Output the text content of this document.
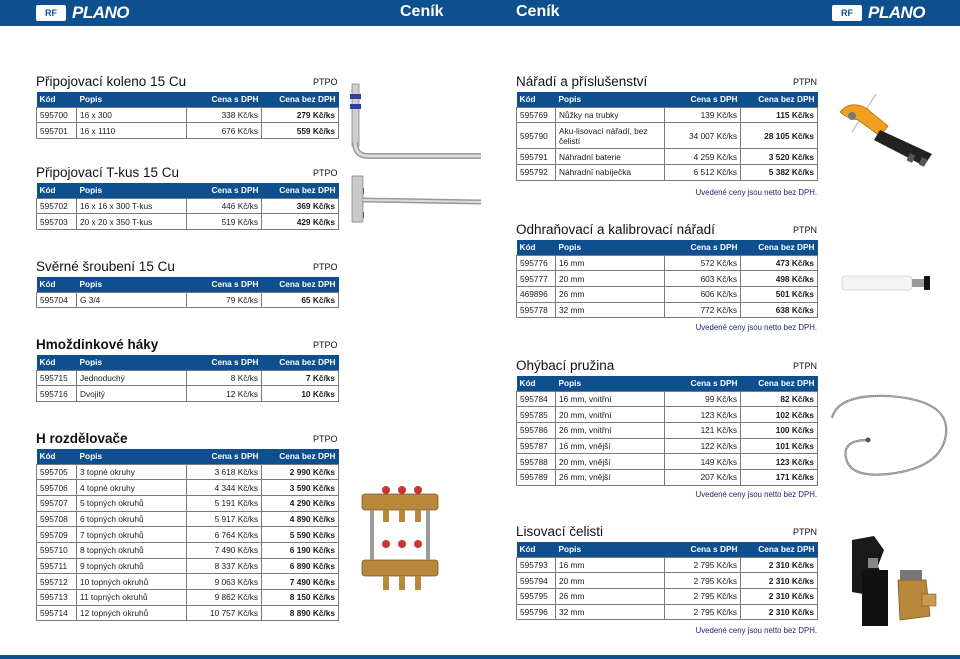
RF PLANO	Ceník	Ceník	RF PLANO
Připojovací koleno 15 Cu	PTPO
Kód	Popis	Cena s DPH	Cena bez DPH
595700	16 x 300	338 Kč/ks	279 Kč/ks
595701	16 x 1110	676 Kč/ks	559 Kč/ks
Připojovací T-kus 15 Cu	PTPO
Kód	Popis	Cena s DPH	Cena bez DPH
595702	16 x 16 x 300 T-kus	446 Kč/ks	369 Kč/ks
595703	20 x 20 x 350 T-kus	519 Kč/ks	429 Kč/ks
Svěrné šroubení 15 Cu	PTPO
Kód	Popis	Cena s DPH	Cena bez DPH
595704	G 3/4	79 Kč/ks	65 Kč/ks
Hmoždinkové háky	PTPO
Kód	Popis	Cena s DPH	Cena bez DPH
595715	Jednoduchý	8 Kč/ks	7 Kč/ks
595716	Dvojitý	12 Kč/ks	10 Kč/ks
H rozdělovače	PTPO
Kód	Popis	Cena s DPH	Cena bez DPH
595705	3 topné okruhy	3 618 Kč/ks	2 990 Kč/ks
595706	4 topné okruhy	4 344 Kč/ks	3 590 Kč/ks
595707	5 topných okruhů	5 191 Kč/ks	4 290 Kč/ks
595708	6 topných okruhů	5 917 Kč/ks	4 890 Kč/ks
595709	7 topných okruhů	6 764 Kč/ks	5 590 Kč/ks
595710	8 topných okruhů	7 490 Kč/ks	6 190 Kč/ks
595711	9 topných okruhů	8 337 Kč/ks	6 890 Kč/ks
595712	10 topných okruhů	9 063 Kč/ks	7 490 Kč/ks
595713	11 topných okruhů	9 862 Kč/ks	8 150 Kč/ks
595714	12 topných okruhů	10 757 Kč/ks	8 890 Kč/ks
Nářadí a příslušenství	PTPN
Kód	Popis	Cena s DPH	Cena bez DPH
595769	Nůžky na trubky	139 Kč/ks	115 Kč/ks
595790	Aku-lisovací nářadí, bez čelistí	34 007 Kč/ks	28 105 Kč/ks
595791	Náhradní baterie	4 259 Kč/ks	3 520 Kč/ks
595792	Náhradní nabíječka	6 512 Kč/ks	5 382 Kč/ks
Uvedené ceny jsou netto bez DPH.
Odhraňovací a kalibrovací nářadí	PTPN
Kód	Popis	Cena s DPH	Cena bez DPH
595776	16 mm	572 Kč/ks	473 Kč/ks
595777	20 mm	603 Kč/ks	498 Kč/ks
469896	26 mm	606 Kč/ks	501 Kč/ks
595778	32 mm	772 Kč/ks	638 Kč/ks
Uvedené ceny jsou netto bez DPH.
Ohýbací pružina	PTPN
Kód	Popis	Cena s DPH	Cena bez DPH
595784	16 mm, vnitřní	99 Kč/ks	82 Kč/ks
595785	20 mm, vnitřní	123 Kč/ks	102 Kč/ks
595786	26 mm, vnitřní	121 Kč/ks	100 Kč/ks
595787	16 mm, vnější	122 Kč/ks	101 Kč/ks
595788	20 mm, vnější	149 Kč/ks	123 Kč/ks
595789	26 mm, vnější	207 Kč/ks	171 Kč/ks
Uvedené ceny jsou netto bez DPH.
Lisovací čelisti	PTPN
Kód	Popis	Cena s DPH	Cena bez DPH
595793	16 mm	2 795 Kč/ks	2 310 Kč/ks
595794	20 mm	2 795 Kč/ks	2 310 Kč/ks
595795	26 mm	2 795 Kč/ks	2 310 Kč/ks
595796	32 mm	2 795 Kč/ks	2 310 Kč/ks
Uvedené ceny jsou netto bez DPH.
